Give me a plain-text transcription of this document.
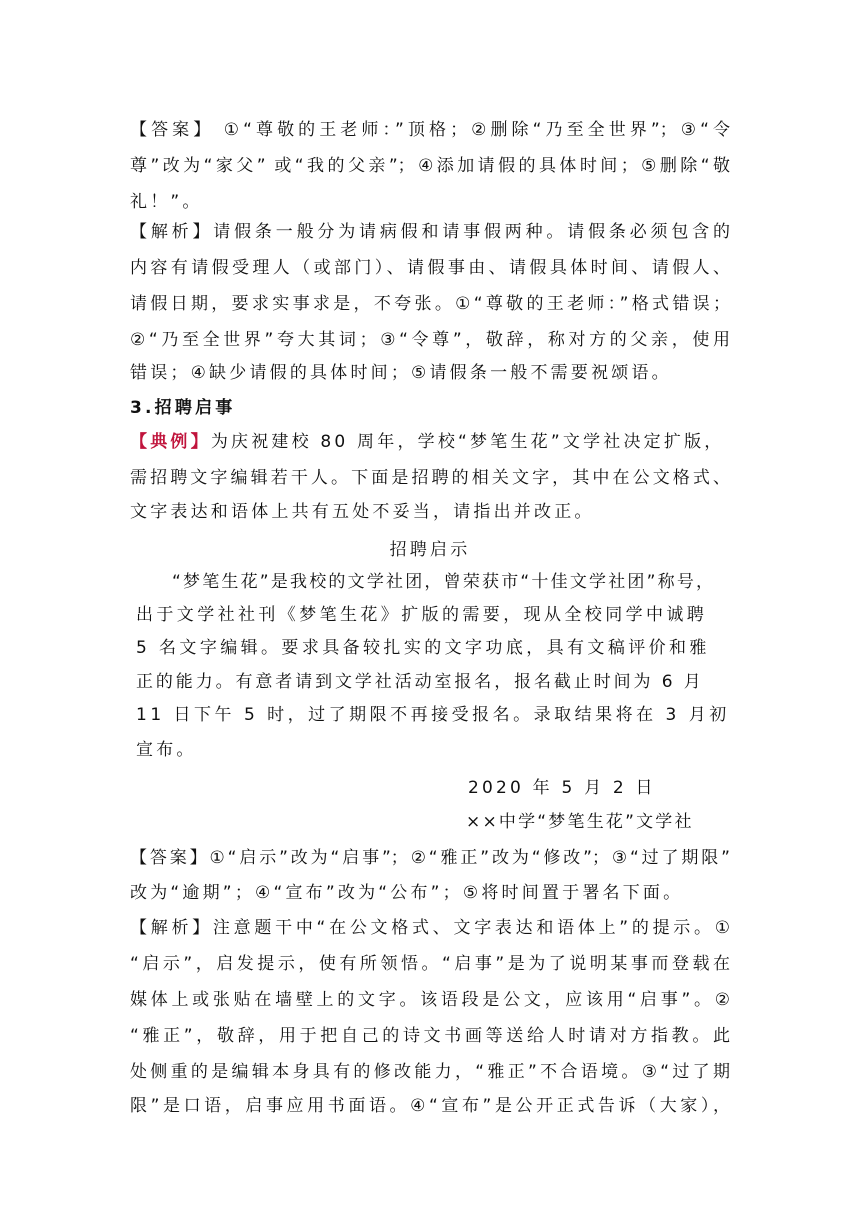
【答案】 ①“尊敬的王老师：”顶格；②删除“乃至全世界”；③“令
尊”改为“家父” 或“我的父亲”；④添加请假的具体时间；⑤删除“敬
礼！”。
【解析】请假条一般分为请病假和请事假两种。请假条必须包含的
内容有请假受理人（或部门）、请假事由、请假具体时间、请假人、
请假日期，要求实事求是，不夸张。①“尊敬的王老师：”格式错误；
②“乃至全世界”夸大其词；③“令尊”，敬辞，称对方的父亲，使用
错误；④缺少请假的具体时间；⑤请假条一般不需要祝颂语。
3.招聘启事
【典例】为庆祝建校 80 周年，学校“梦笔生花”文学社决定扩版，
需招聘文字编辑若干人。下面是招聘的相关文字，其中在公文格式、
文字表达和语体上共有五处不妥当，请指出并改正。
招聘启示
“梦笔生花”是我校的文学社团，曾荣获市“十佳文学社团”称号，
出于文学社社刊《梦笔生花》扩版的需要，现从全校同学中诚聘
5 名文字编辑。要求具备较扎实的文字功底，具有文稿评价和雅
正的能力。有意者请到文学社活动室报名，报名截止时间为 6 月
11 日下午 5 时，过了期限不再接受报名。录取结果将在 3 月初
宣布。
2020 年 5 月 2 日
××中学“梦笔生花”文学社
【答案】①“启示”改为“启事”；②“雅正”改为“修改”；③“过了期限”
改为“逾期”；④“宣布”改为“公布”；⑤将时间置于署名下面。
【解析】注意题干中“在公文格式、文字表达和语体上”的提示。①
“启示”，启发提示，使有所领悟。“启事”是为了说明某事而登载在
媒体上或张贴在墙壁上的文字。该语段是公文，应该用“启事”。②
“雅正”，敬辞，用于把自己的诗文书画等送给人时请对方指教。此
处侧重的是编辑本身具有的修改能力，“雅正”不合语境。③“过了期
限”是口语，启事应用书面语。④“宣布”是公开正式告诉（大家），
